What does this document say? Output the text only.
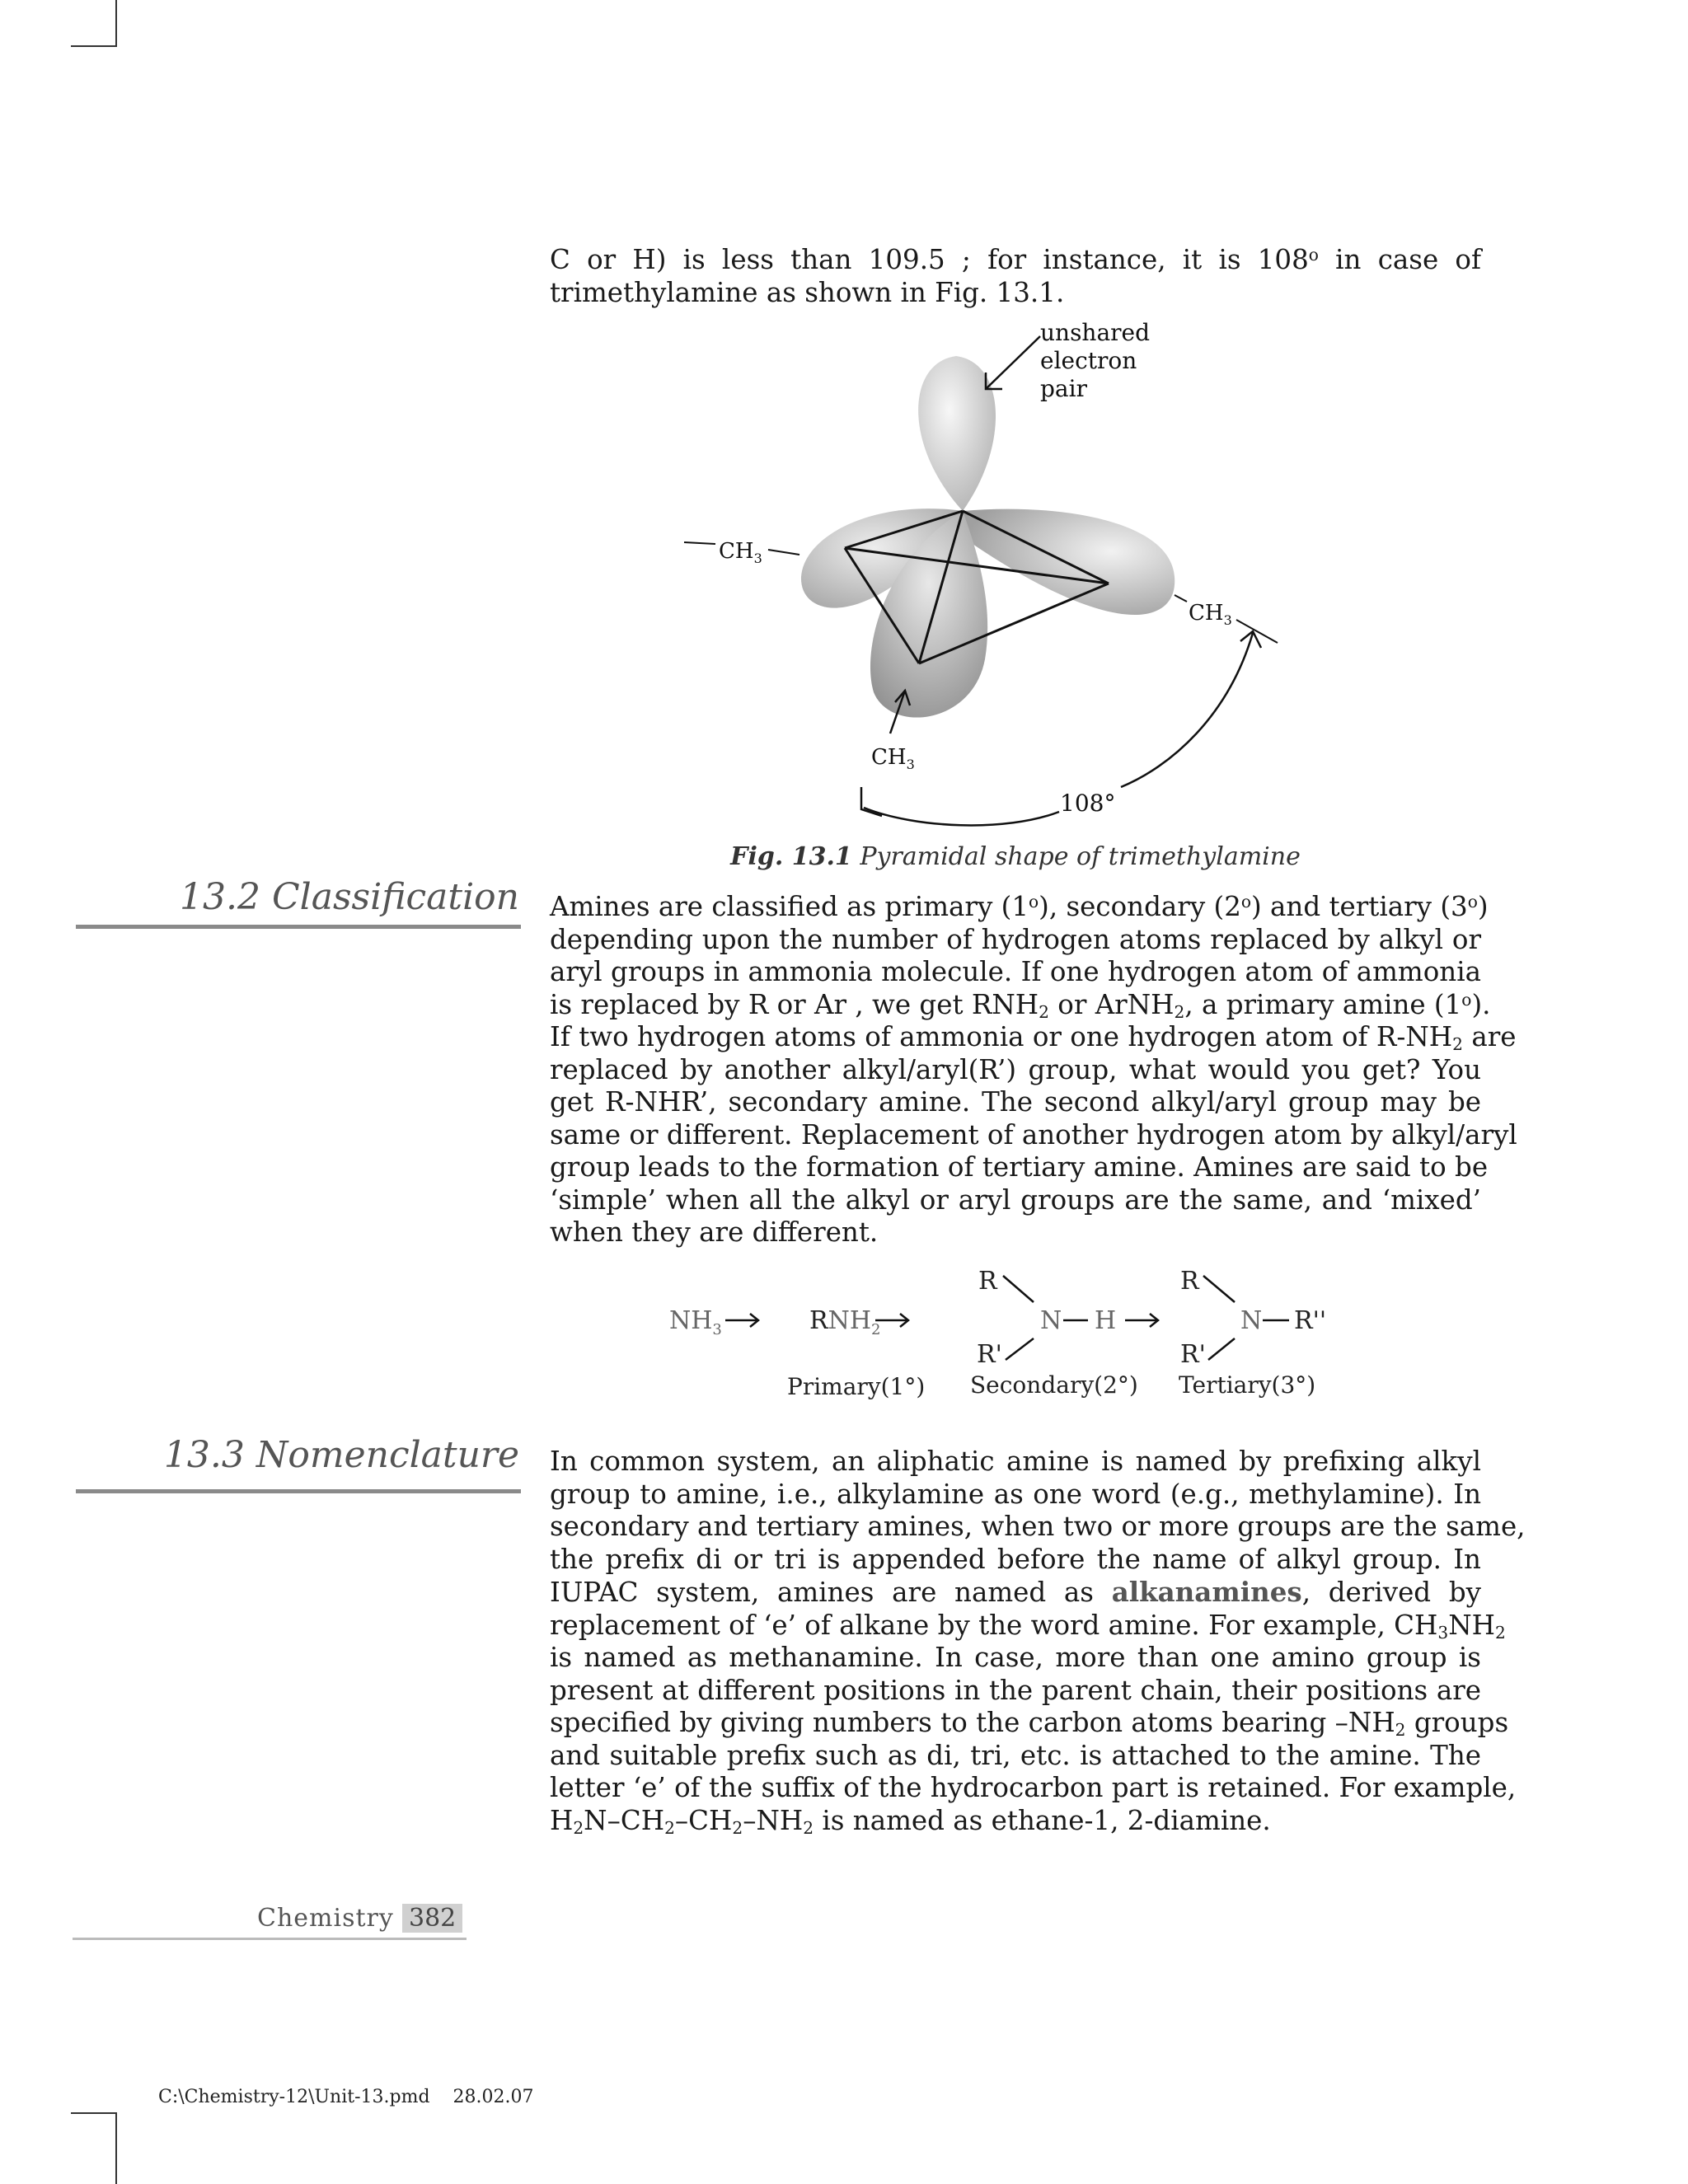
C or H) is less than 109.5 ; for instance, it is 108$^o$ in case of
trimethylamine as shown in Fig. 13.1.
unshared
electron
pair
$CH_3$
$CH_3$
$CH_3$
108°
Fig. 13.1 Pyramidal shape of trimethylamine
13.2 Classification Amines are classified as primary (1$^o$), secondary (2$^o$) and tertiary (3$^o$)
depending upon the number of hydrogen atoms replaced by alkyl or
aryl groups in ammonia molecule. If one hydrogen atom of ammonia
is replaced by R or Ar , we get $RNH_2$ or ArNH$_2$, a primary amine (1$^o$).
If two hydrogen atoms of ammonia or one hydrogen atom of $R-NH_2$ are
replaced by another alkyl/aryl(R’) group, what would you get? You
get R-NHR’, secondary amine. The second alkyl/aryl group may be
same or different. Replacement of another hydrogen atom by alkyl/aryl
group leads to the formation of tertiary amine. Amines are said to be
‘simple’ when all the alkyl or aryl groups are the same, and ‘mixed’
when they are different.
$NH_3$	$RNH_2$
R
N H
R'
R
N R''
R'
Primary(1°) Secondary(2°) Tertiary(3°)
13.3 Nomenclature In common system, an aliphatic amine is named by prefixing alkyl
group to amine, i.e., alkylamine as one word (e.g., methylamine). In
secondary and tertiary amines, when two or more groups are the same,
the prefix di or tri is appended before the name of alkyl group. In
IUPAC system, amines are named as alkanamines, derived by
replacement of ‘e’ of alkane by the word amine. For example, $CH_3NH_2$
is named as methanamine. In case, more than one amino group is
present at different positions in the parent chain, their positions are
specified by giving numbers to the carbon atoms bearing $-NH_2$ groups
and suitable prefix such as di, tri, etc. is attached to the amine. The
letter ‘e’ of the suffix of the hydrocarbon part is retained. For example,
$H_2N-CH_2-CH_2-NH_2$ is named as ethane-1, 2-diamine.
Chemistry 382
C:\Chemistry-12\Unit-13.pmd    28.02.07
